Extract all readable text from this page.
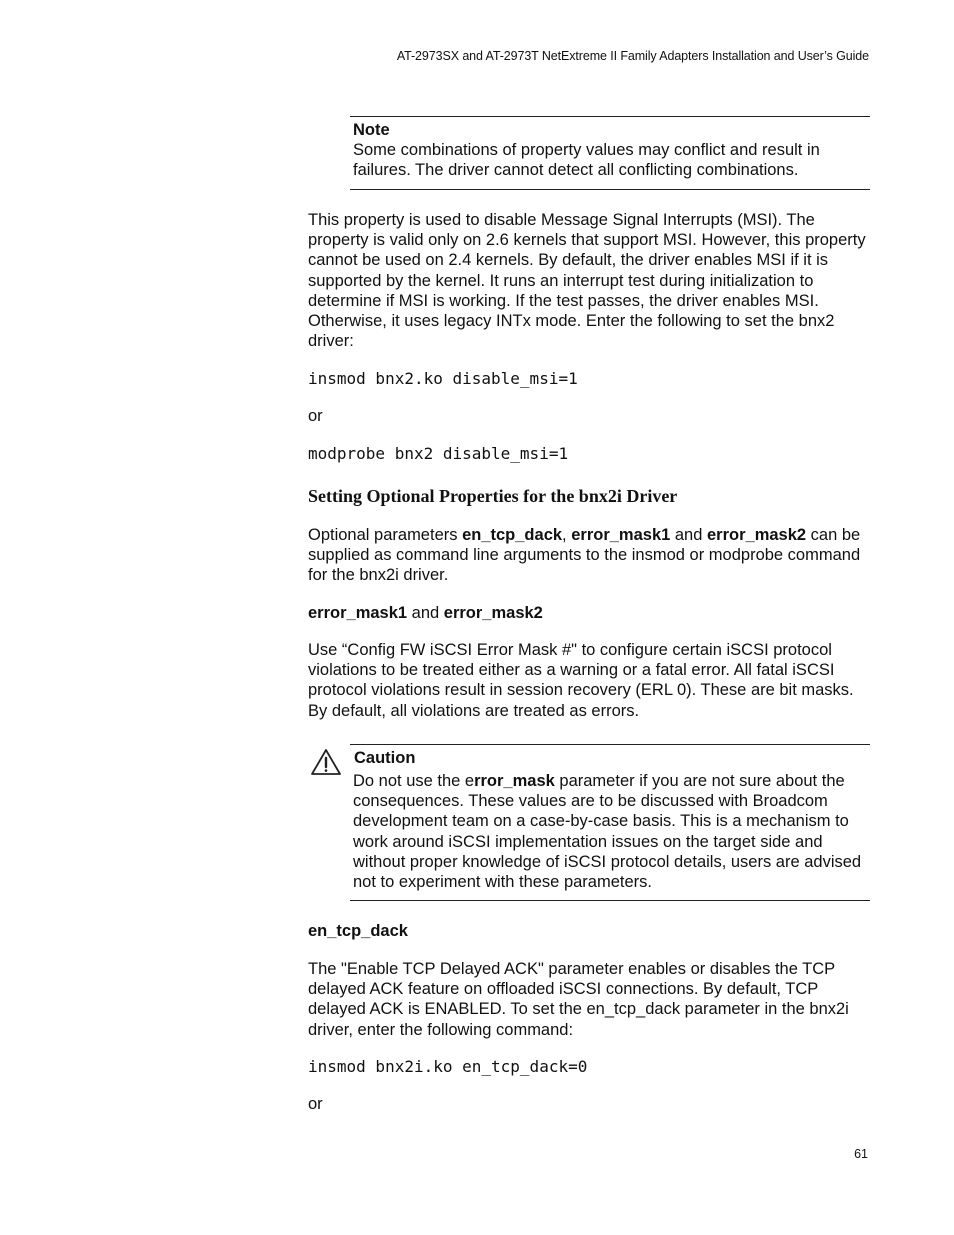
AT-2973SX and AT-2973T NetExtreme II Family Adapters Installation and User’s Guide
Note
Some combinations of property values may conflict and result in failures. The driver cannot detect all conflicting combinations.
This property is used to disable Message Signal Interrupts (MSI). The property is valid only on 2.6 kernels that support MSI. However, this property cannot be used on 2.4 kernels. By default, the driver enables MSI if it is supported by the kernel. It runs an interrupt test during initialization to determine if MSI is working. If the test passes, the driver enables MSI. Otherwise, it uses legacy INTx mode. Enter the following to set the bnx2 driver:
insmod bnx2.ko disable_msi=1
or
modprobe bnx2 disable_msi=1
Setting Optional Properties for the bnx2i Driver
Optional parameters en_tcp_dack, error_mask1 and error_mask2 can be supplied as command line arguments to the insmod or modprobe command for the bnx2i driver.
error_mask1 and error_mask2
Use “Config FW iSCSI Error Mask #" to configure certain iSCSI protocol violations to be treated either as a warning or a fatal error. All fatal iSCSI protocol violations result in session recovery (ERL 0). These are bit masks. By default, all violations are treated as errors.
Caution
Do not use the error_mask parameter if you are not sure about the consequences. These values are to be discussed with Broadcom development team on a case-by-case basis. This is a mechanism to work around iSCSI implementation issues on the target side and without proper knowledge of iSCSI protocol details, users are advised not to experiment with these parameters.
en_tcp_dack
The "Enable TCP Delayed ACK" parameter enables or disables the TCP delayed ACK feature on offloaded iSCSI connections. By default, TCP delayed ACK is ENABLED. To set the en_tcp_dack parameter in the bnx2i driver, enter the following command:
insmod bnx2i.ko en_tcp_dack=0
or
61
